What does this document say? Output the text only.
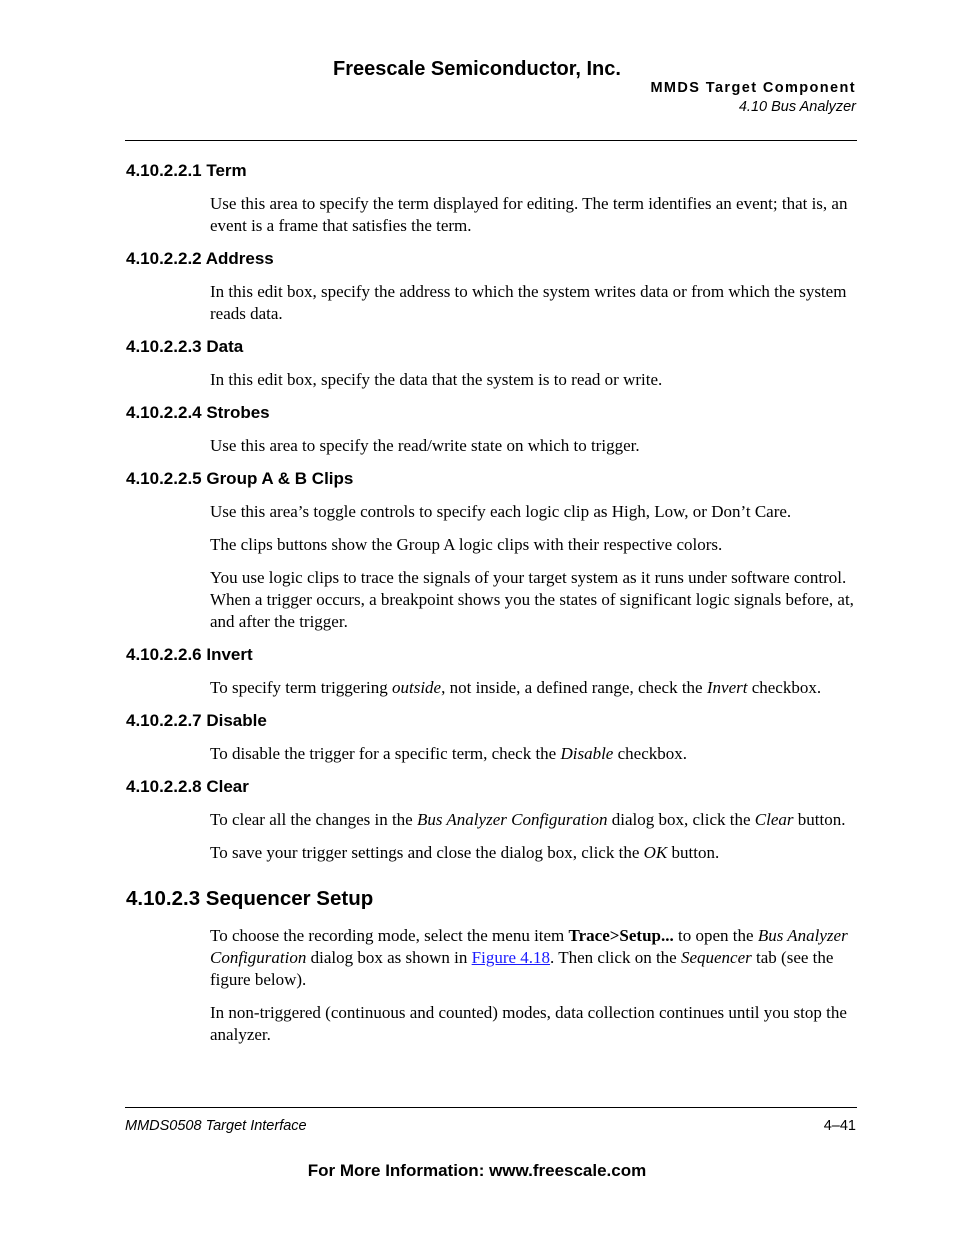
Freescale Semiconductor, Inc.
MMDS Target Component
4.10 Bus Analyzer
4.10.2.2.1 Term

Use this area to specify the term displayed for editing. The term identifies an event; that is, an event is a frame that satisfies the term.

4.10.2.2.2 Address

In this edit box, specify the address to which the system writes data or from which the system reads data.

4.10.2.2.3 Data

In this edit box, specify the data that the system is to read or write.

4.10.2.2.4 Strobes

Use this area to specify the read/write state on which to trigger.

4.10.2.2.5 Group A & B Clips

Use this area’s toggle controls to specify each logic clip as High, Low, or Don’t Care.

The clips buttons show the Group A logic clips with their respective colors.

You use logic clips to trace the signals of your target system as it runs under software control. When a trigger occurs, a breakpoint shows you the states of significant logic signals before, at, and after the trigger.

4.10.2.2.6 Invert

To specify term triggering outside, not inside, a defined range, check the Invert checkbox.

4.10.2.2.7 Disable

To disable the trigger for a specific term, check the Disable checkbox.

4.10.2.2.8 Clear

To clear all the changes in the Bus Analyzer Configuration dialog box, click the Clear button.

To save your trigger settings and close the dialog box, click the OK button.

4.10.2.3 Sequencer Setup

To choose the recording mode, select the menu item Trace>Setup... to open the Bus Analyzer Configuration dialog box as shown in Figure 4.18. Then click on the Sequencer tab (see the figure below).

In non-triggered (continuous and counted) modes, data collection continues until you stop the analyzer.

MMDS0508 Target Interface	4–41
For More Information: www.freescale.com
